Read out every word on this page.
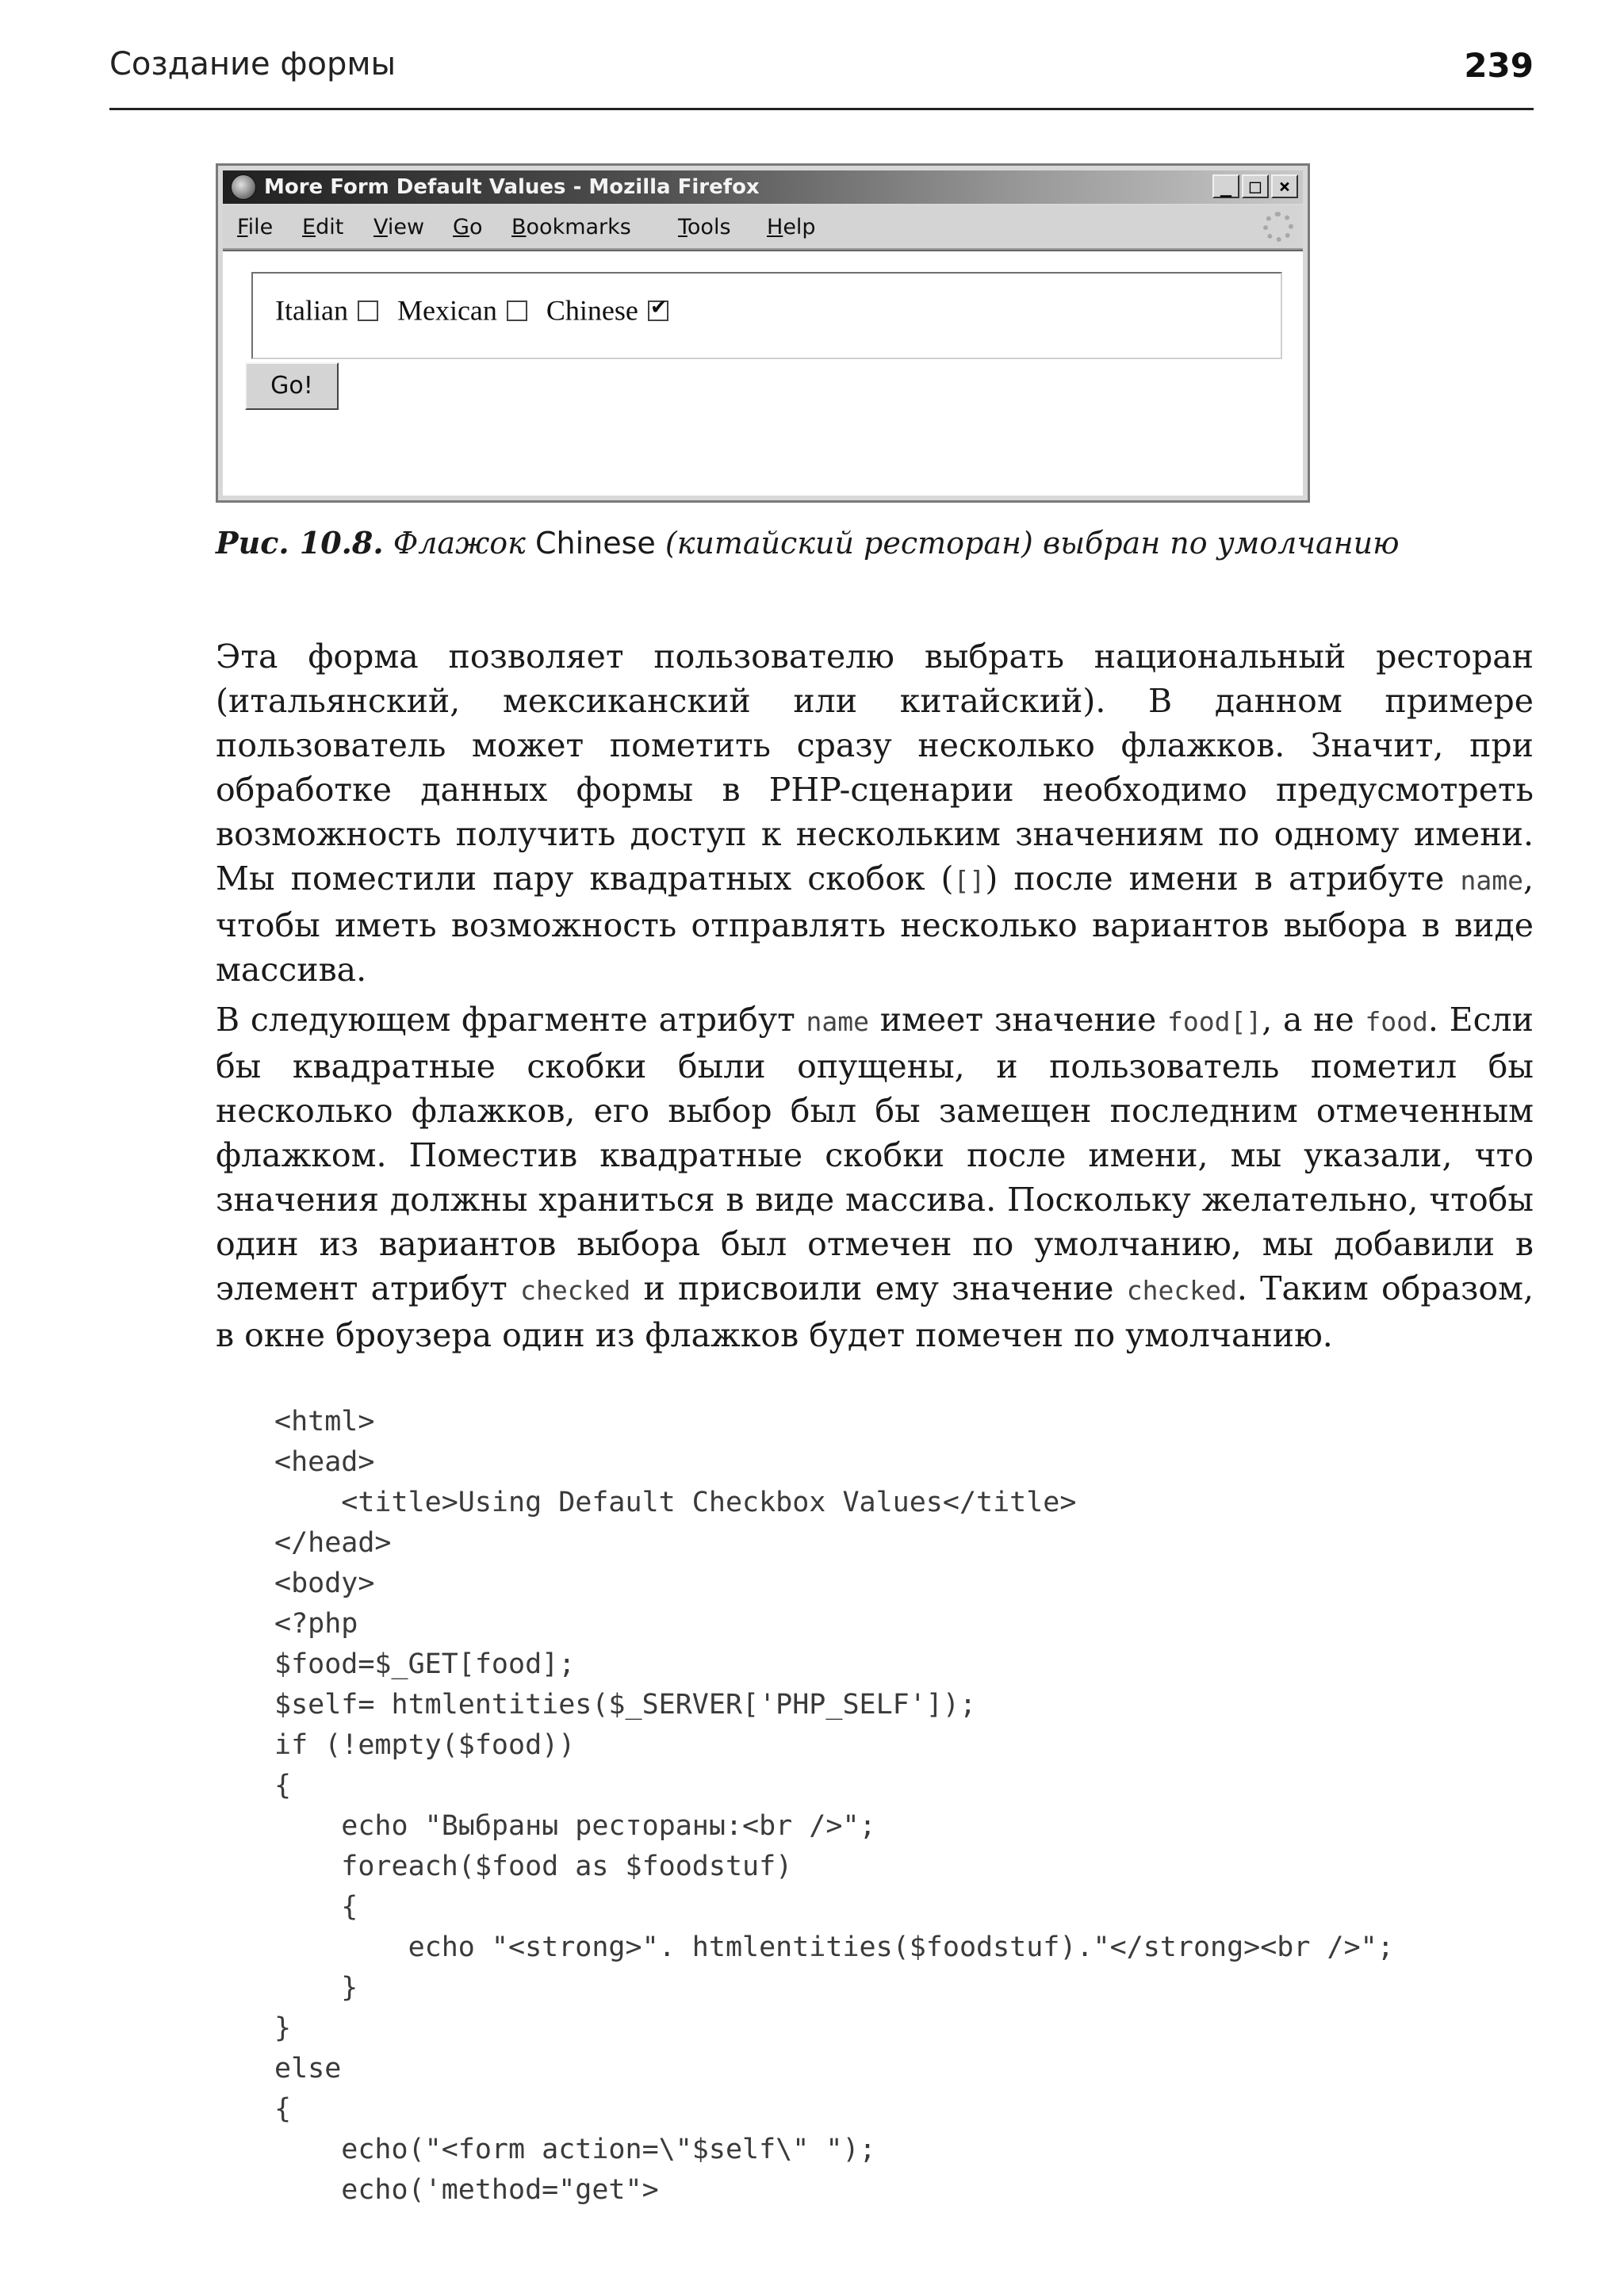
Создание формы	239
More Form Default Values - Mozilla Firefox	_ □ ×
File Edit View Go Bookmarks Tools Help
Italian Mexican Chinese✔
Go!
Рис. 10.8. Флажок Chinese (китайский ресторан) выбран по умолчанию
Эта форма позволяет пользователю выбрать национальный ресторан (итальянский, мексиканский или китайский). В данном примере пользователь может пометить сразу несколько флажков. Значит, при обработке данных формы в PHP-сценарии необходимо предусмотреть возможность получить доступ к нескольким значениям по одному имени. Мы поместили пару квадратных скобок ([]) после имени в атрибуте name, чтобы иметь возможность отправлять несколько вариантов выбора в виде массива.
В следующем фрагменте атрибут name имеет значение food[], а не food. Если бы квадратные скобки были опущены, и пользователь пометил бы несколько флажков, его выбор был бы замещен последним отмеченным флажком. Поместив квадратные скобки после имени, мы указали, что значения должны храниться в виде массива. Поскольку желательно, чтобы один из вариантов выбора был отмечен по умолчанию, мы добавили в элемент атрибут checked и присвоили ему значение checked. Таким образом, в окне броузера один из флажков будет помечен по умолчанию.
<html>
<head>
<title>Using Default Checkbox Values</title>
</head>
<body>
<?php
$food=$_GET[food];
$self= htmlentities($_SERVER['PHP_SELF']);
if (!empty($food))
{
echo "Выбраны рестораны:<br />";
foreach($food as $foodstuf)
{
echo "<strong>". htmlentities($foodstuf)."</strong><br />";
}
}
else
{
echo("<form action=\"$self\" ");
echo('method="get">
